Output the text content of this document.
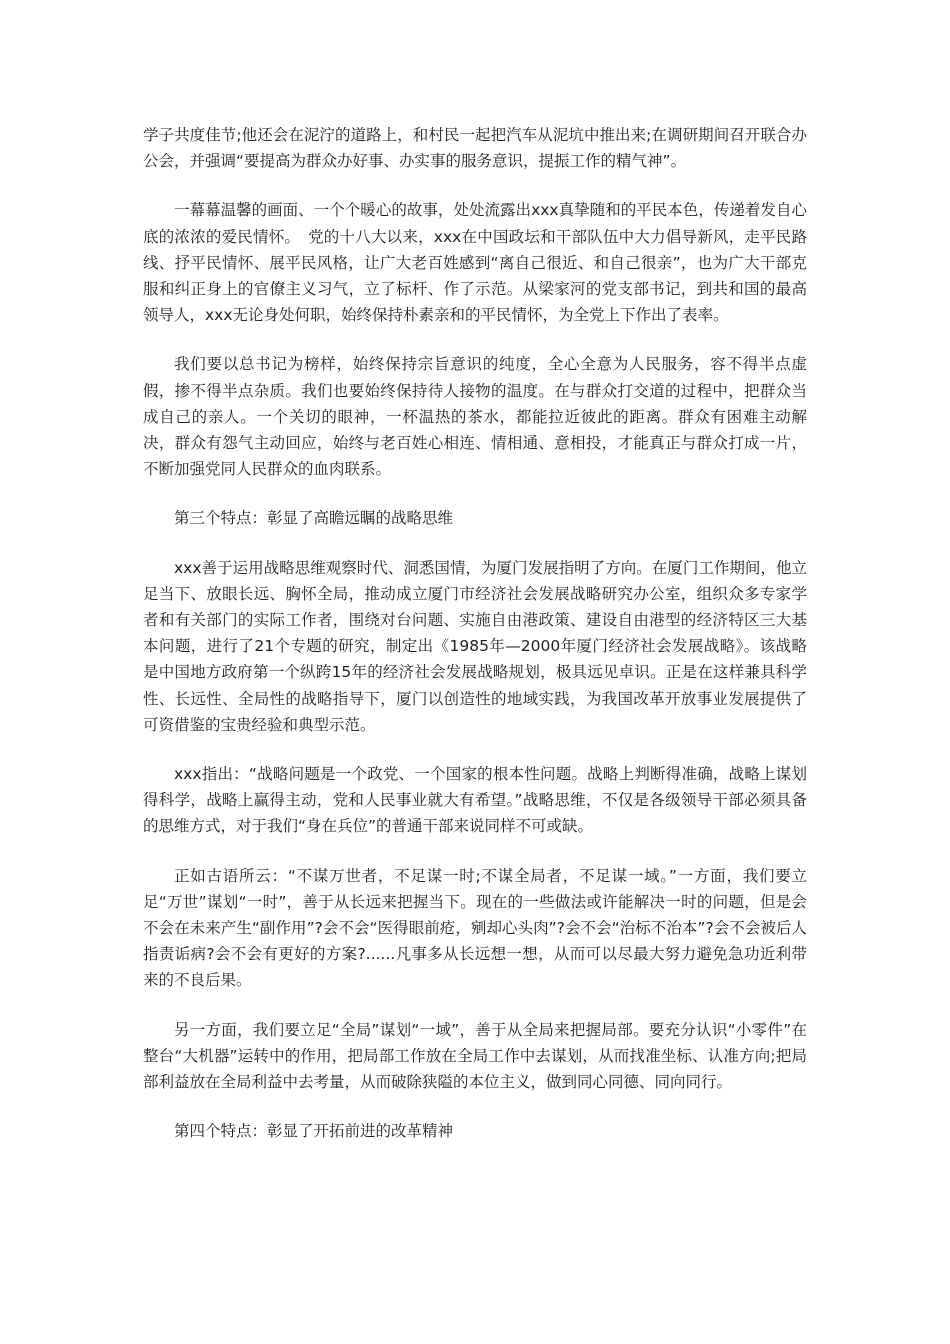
学子共度佳节;他还会在泥泞的道路上，和村民一起把汽车从泥坑中推出来;在调研期间召开联合办公会，并强调“要提高为群众办好事、办实事的服务意识，提振工作的精气神”。

一幕幕温馨的画面、一个个暖心的故事，处处流露出xxx真挚随和的平民本色，传递着发自心底的浓浓的爱民情怀。　党的十八大以来，xxx在中国政坛和干部队伍中大力倡导新风，走平民路线、抒平民情怀、展平民风格，让广大老百姓感到“离自己很近、和自己很亲”，也为广大干部克服和纠正身上的官僚主义习气，立了标杆、作了示范。从梁家河的党支部书记，到共和国的最高领导人，xxx无论身处何职，始终保持朴素亲和的平民情怀，为全党上下作出了表率。

我们要以总书记为榜样，始终保持宗旨意识的纯度，全心全意为人民服务，容不得半点虚假，掺不得半点杂质。我们也要始终保持待人接物的温度。在与群众打交道的过程中，把群众当成自己的亲人。一个关切的眼神，一杯温热的茶水，都能拉近彼此的距离。群众有困难主动解决，群众有怨气主动回应，始终与老百姓心相连、情相通、意相投，才能真正与群众打成一片，不断加强党同人民群众的血肉联系。

第三个特点：彰显了高瞻远瞩的战略思维

xxx善于运用战略思维观察时代、洞悉国情，为厦门发展指明了方向。在厦门工作期间，他立足当下、放眼长远、胸怀全局，推动成立厦门市经济社会发展战略研究办公室，组织众多专家学者和有关部门的实际工作者，围绕对台问题、实施自由港政策、建设自由港型的经济特区三大基本问题，进行了21个专题的研究，制定出《1985年—2000年厦门经济社会发展战略》。该战略是中国地方政府第一个纵跨15年的经济社会发展战略规划，极具远见卓识。正是在这样兼具科学性、长远性、全局性的战略指导下，厦门以创造性的地域实践，为我国改革开放事业发展提供了可资借鉴的宝贵经验和典型示范。

xxx指出：“战略问题是一个政党、一个国家的根本性问题。战略上判断得准确，战略上谋划得科学，战略上赢得主动，党和人民事业就大有希望。”战略思维，不仅是各级领导干部必须具备的思维方式，对于我们“身在兵位”的普通干部来说同样不可或缺。

正如古语所云：“不谋万世者，不足谋一时;不谋全局者，不足谋一域。”一方面，我们要立足“万世”谋划“一时”，善于从长远来把握当下。现在的一些做法或许能解决一时的问题，但是会不会在未来产生“副作用”?会不会“医得眼前疮，剜却心头肉”?会不会“治标不治本”?会不会被后人指责诟病?会不会有更好的方案?......凡事多从长远想一想，从而可以尽最大努力避免急功近利带来的不良后果。

另一方面，我们要立足“全局”谋划“一域”，善于从全局来把握局部。要充分认识“小零件”在整台“大机器”运转中的作用，把局部工作放在全局工作中去谋划，从而找准坐标、认准方向;把局部利益放在全局利益中去考量，从而破除狭隘的本位主义，做到同心同德、同向同行。

第四个特点：彰显了开拓前进的改革精神
